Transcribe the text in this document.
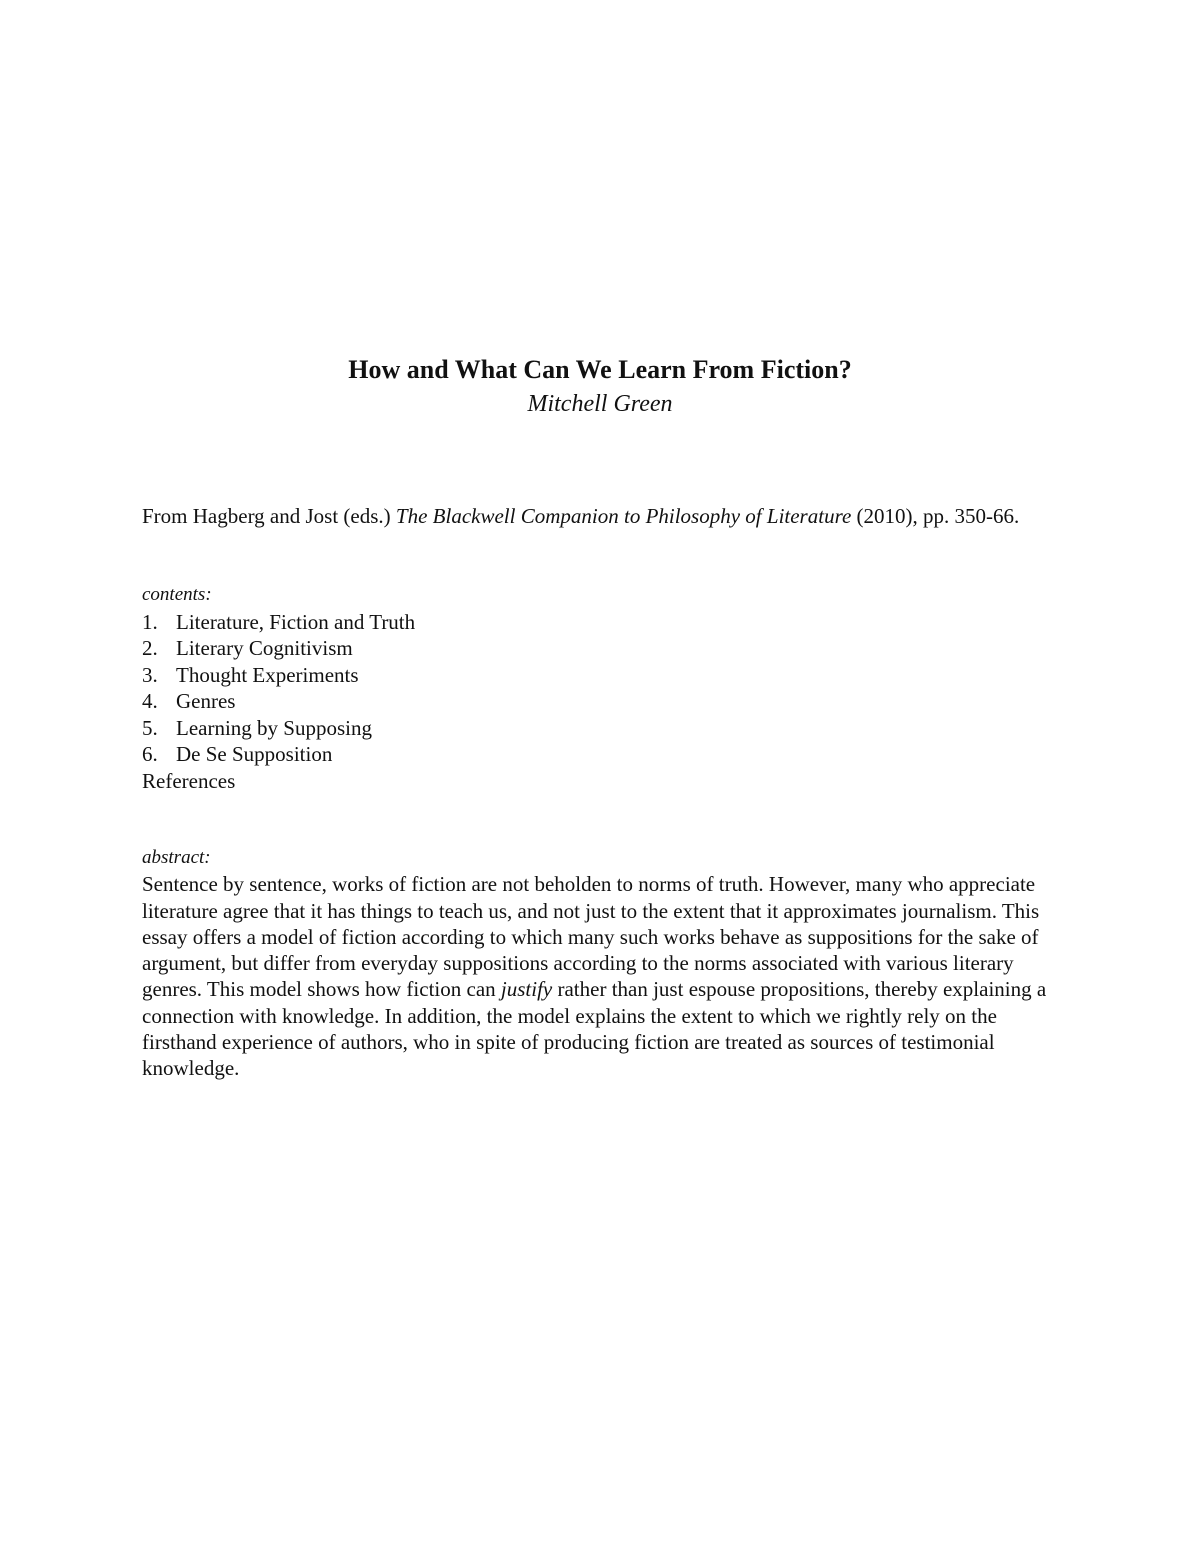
How and What Can We Learn From Fiction?

Mitchell Green

From Hagberg and Jost (eds.) The Blackwell Companion to Philosophy of Literature (2010), pp. 350-66.
contents:
1. Literature, Fiction and Truth
2. Literary Cognitivism
3. Thought Experiments
4. Genres
5. Learning by Supposing
6. De Se Supposition
References
abstract:

Sentence by sentence, works of fiction are not beholden to norms of truth. However, many who appreciate literature agree that it has things to teach us, and not just to the extent that it approximates journalism. This essay offers a model of fiction according to which many such works behave as suppositions for the sake of argument, but differ from everyday suppositions according to the norms associated with various literary genres. This model shows how fiction can justify rather than just espouse propositions, thereby explaining a connection with knowledge. In addition, the model explains the extent to which we rightly rely on the firsthand experience of authors, who in spite of producing fiction are treated as sources of testimonial knowledge.
